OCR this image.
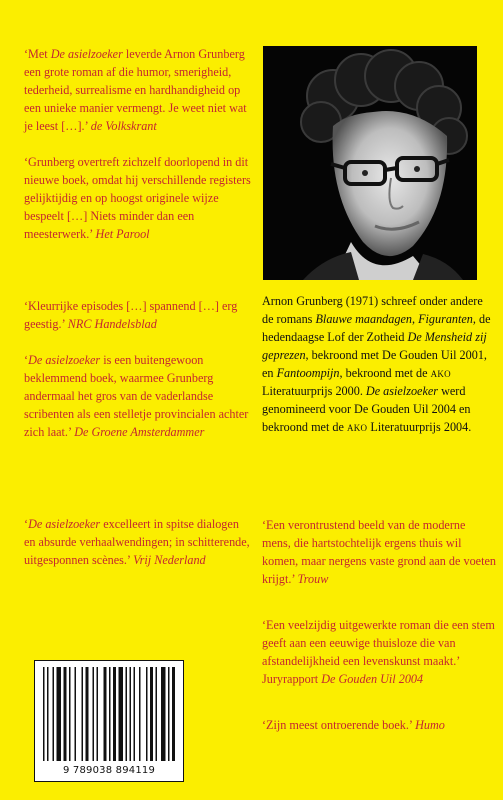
‘Met De asielzoeker leverde Arnon Grunberg een grote roman af die humor, smerigheid, tederheid, surrealisme en hardhandigheid op een unieke manier vermengt. Je weet niet wat je leest […].’ de Volkskrant

‘Grunberg overtreft zichzelf doorlopend in dit nieuwe boek, omdat hij verschillende registers gelijktijdig en op hoogst originele wijze bespeelt […] Niets minder dan een meesterwerk.’ Het Parool

‘Kleurrijke episodes […] spannend […] erg geestig.’ NRC Handelsblad

‘De asielzoeker is een buitengewoon beklemmend boek, waarmee Grunberg andermaal het gros van de vaderlandse scribenten als een stelletje provincialen achter zich laat.’ De Groene Amsterdammer

‘De asielzoeker excelleert in spitse dialogen en absurde verhaalwendingen; in schitterende, uitgesponnen scènes.’ Vrij Nederland

Arnon Grunberg (1971) schreef onder andere de romans Blauwe maandagen, Figuranten, de hedendaagse Lof der Zotheid De Mensheid zij geprezen, bekroond met De Gouden Uil 2001, en Fantoompijn, bekroond met de ako Literatuurprijs 2000. De asielzoeker werd genomineerd voor De Gouden Uil 2004 en bekroond met de ako Literatuurprijs 2004.

‘Een verontrustend beeld van de moderne mens, die hartstochtelijk ergens thuis wil komen, maar nergens vaste grond aan de voeten krijgt.’ Trouw

‘Een veelzijdig uitgewerkte roman die een stem geeft aan een eeuwige thuisloze die van afstandelijkheid een levenskunst maakt.’ Juryrapport De Gouden Uil 2004

‘Zijn meest ontroerende boek.’ Humo

9 789038 894119
